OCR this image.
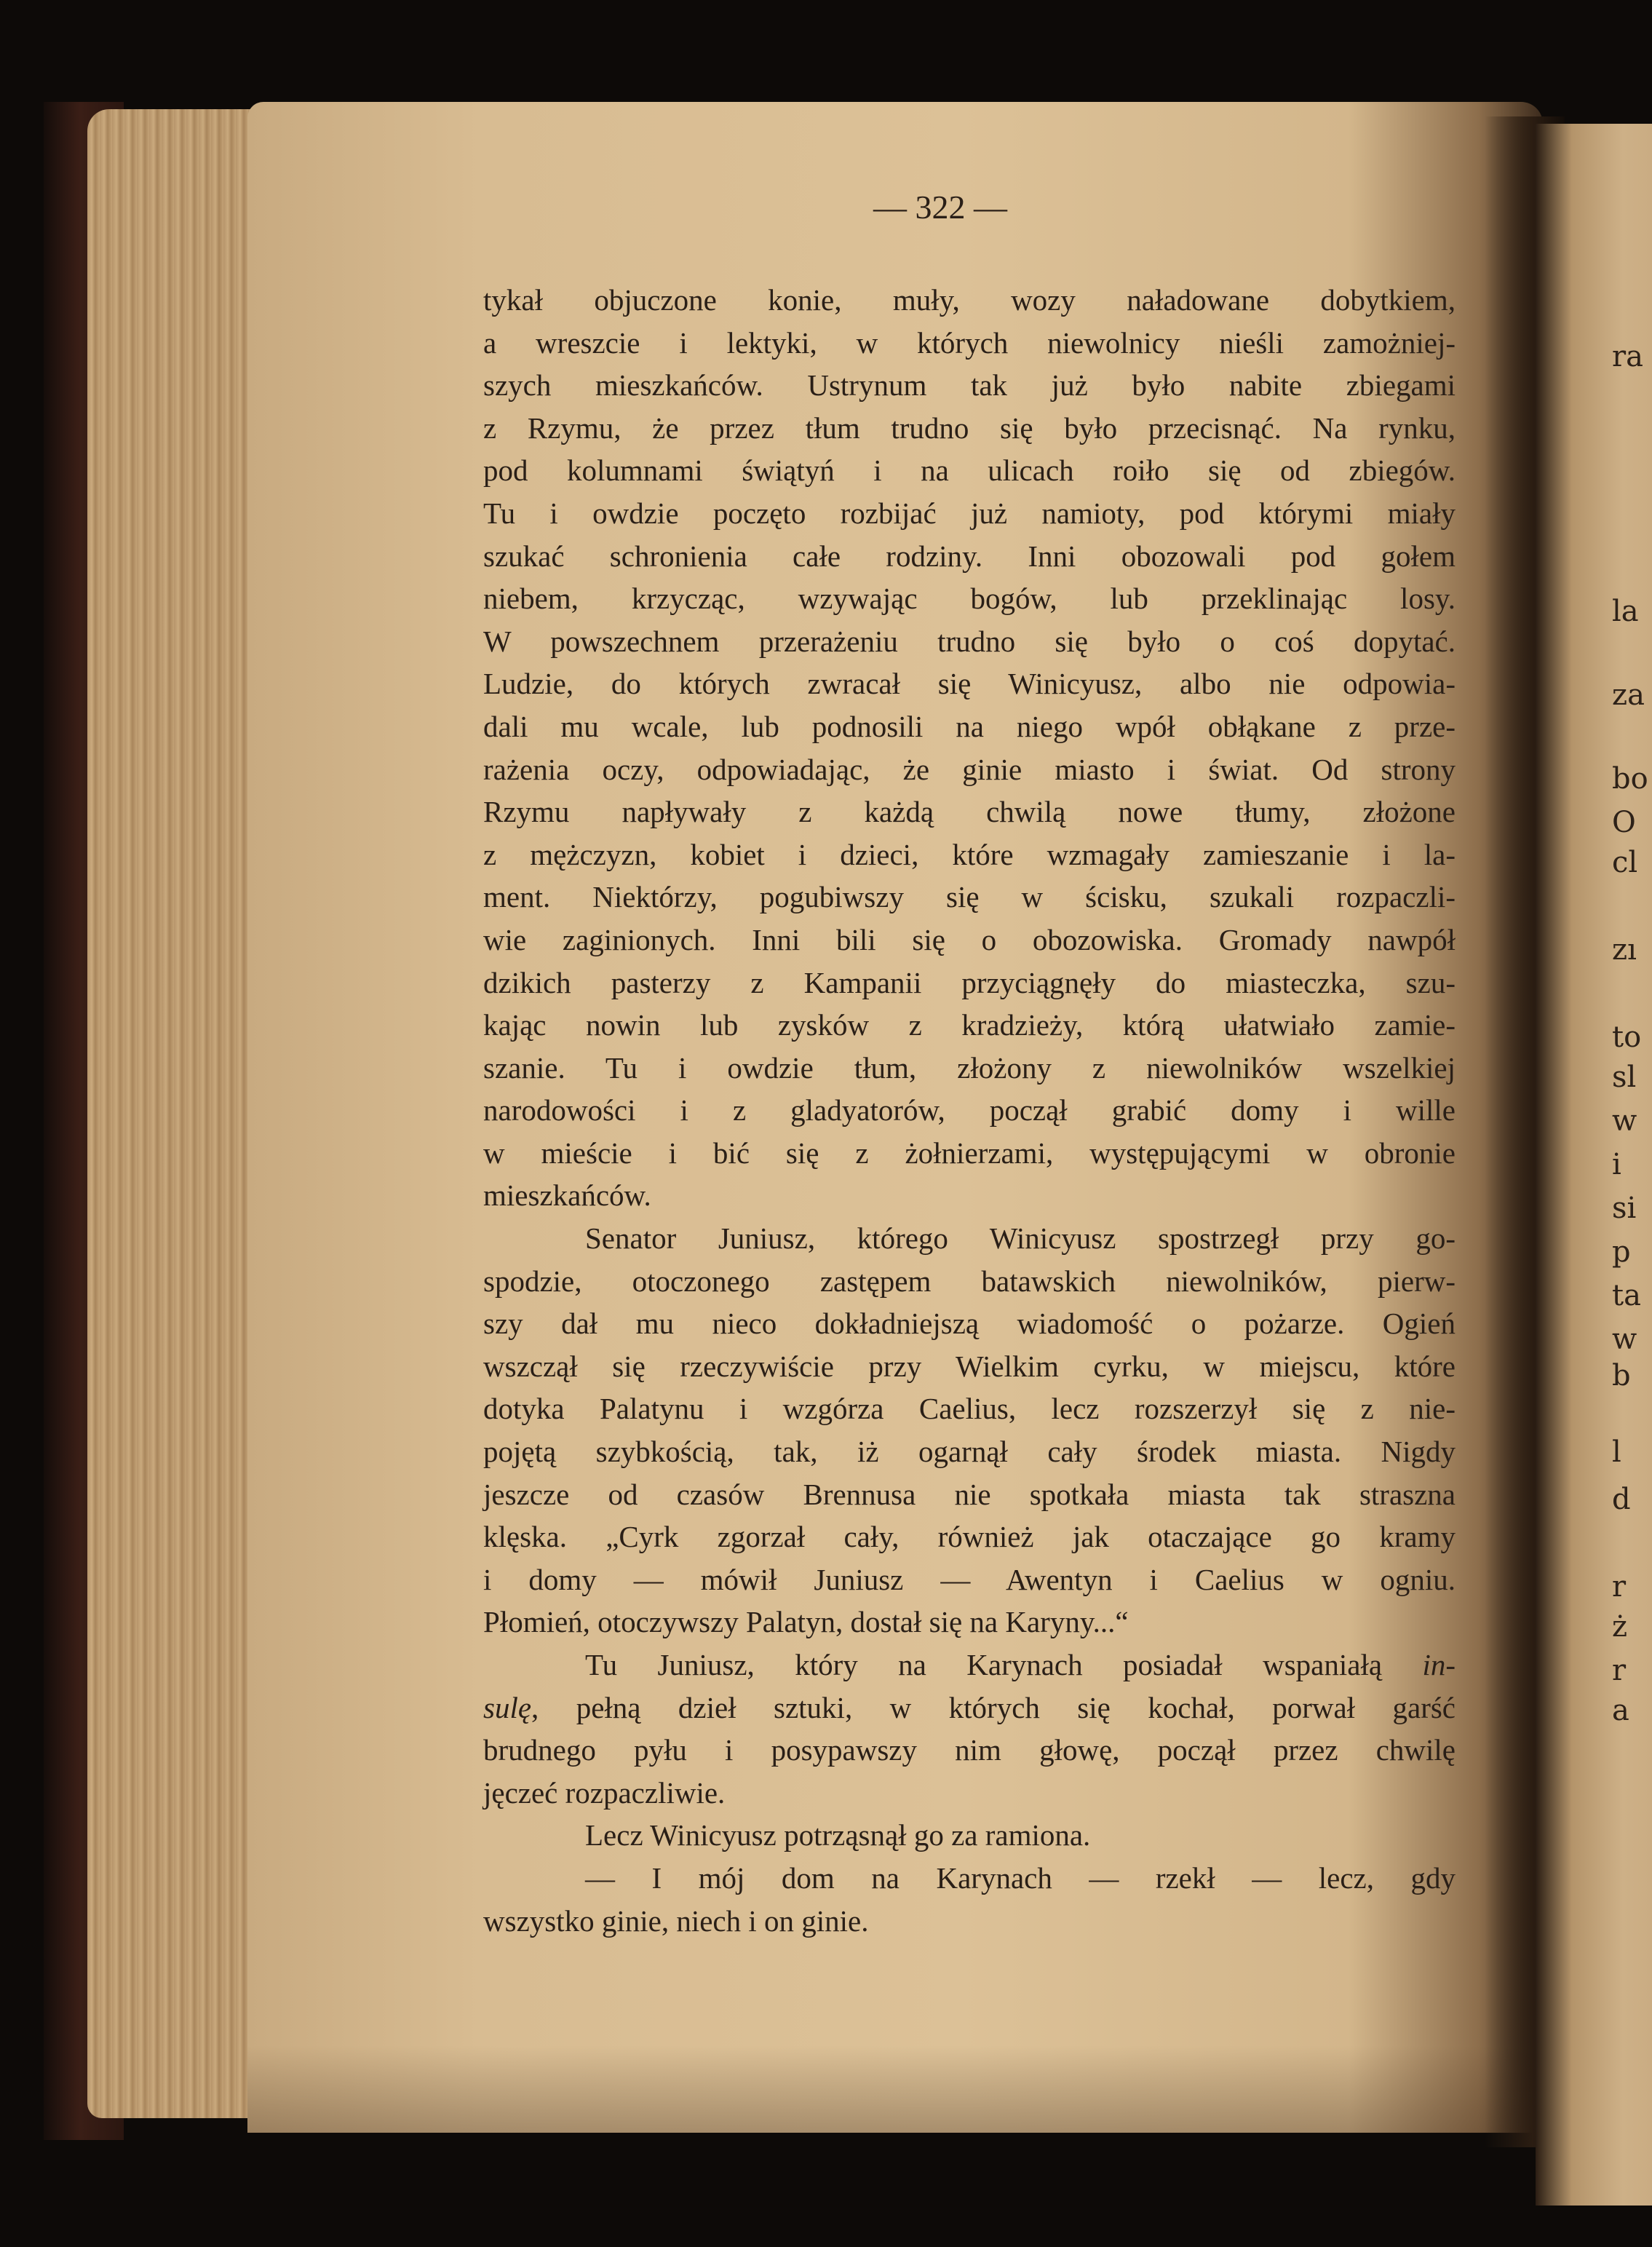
ra
la
za
bo
O
cl
zı
to
sl
w
i
si
p
ta
w
b
l
d
r
ż
r
a
— 322 —
tykał objuczone konie, muły, wozy naładowane dobytkiem,
a wreszcie i lektyki, w których niewolnicy nieśli zamożniej-
szych mieszkańców. Ustrynum tak już było nabite zbiegami
z Rzymu, że przez tłum trudno się było przecisnąć. Na rynku,
pod kolumnami świątyń i na ulicach roiło się od zbiegów.
Tu i owdzie poczęto rozbijać już namioty, pod którymi miały
szukać schronienia całe rodziny. Inni obozowali pod gołem
niebem, krzycząc, wzywając bogów, lub przeklinając losy.
W powszechnem przerażeniu trudno się było o coś dopytać.
Ludzie, do których zwracał się Winicyusz, albo nie odpowia-
dali mu wcale, lub podnosili na niego wpół obłąkane z prze-
rażenia oczy, odpowiadając, że ginie miasto i świat. Od strony
Rzymu napływały z każdą chwilą nowe tłumy, złożone
z mężczyzn, kobiet i dzieci, które wzmagały zamieszanie i la-
ment. Niektórzy, pogubiwszy się w ścisku, szukali rozpaczli-
wie zaginionych. Inni bili się o obozowiska. Gromady nawpół
dzikich pasterzy z Kampanii przyciągnęły do miasteczka, szu-
kając nowin lub zysków z kradzieży, którą ułatwiało zamie-
szanie. Tu i owdzie tłum, złożony z niewolników wszelkiej
narodowości i z gladyatorów, począł grabić domy i wille
w mieście i bić się z żołnierzami, występującymi w obronie
mieszkańców.
Senator Juniusz, którego Winicyusz spostrzegł przy go-
spodzie, otoczonego zastępem batawskich niewolników, pierw-
szy dał mu nieco dokładniejszą wiadomość o pożarze. Ogień
wszczął się rzeczywiście przy Wielkim cyrku, w miejscu, które
dotyka Palatynu i wzgórza Caelius, lecz rozszerzył się z nie-
pojętą szybkością, tak, iż ogarnął cały środek miasta. Nigdy
jeszcze od czasów Brennusa nie spotkała miasta tak straszna
klęska. „Cyrk zgorzał cały, również jak otaczające go kramy
i domy — mówił Juniusz — Awentyn i Caelius w ogniu.
Płomień, otoczywszy Palatyn, dostał się na Karyny...“
Tu Juniusz, który na Karynach posiadał wspaniałą in-
sulę, pełną dzieł sztuki, w których się kochał, porwał garść
brudnego pyłu i posypawszy nim głowę, począł przez chwilę
jęczeć rozpaczliwie.
Lecz Winicyusz potrząsnął go za ramiona.
— I mój dom na Karynach — rzekł — lecz, gdy
wszystko ginie, niech i on ginie.
